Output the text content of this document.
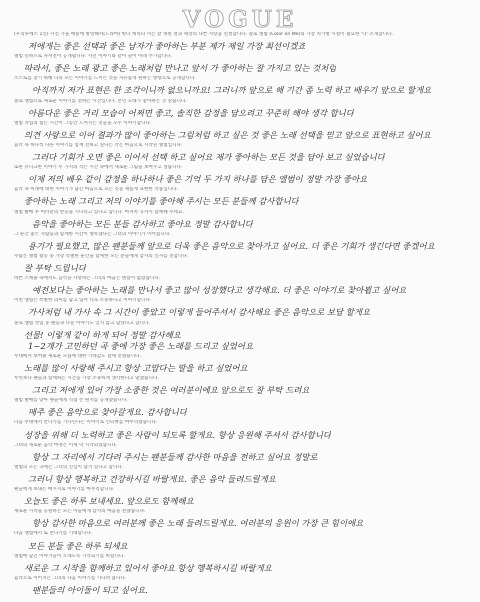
VOGUE
(우리투에스 1인) 사진 가을 애플에 방영해서(드라마) 한다 캐릭터 미는 잘 재원 결과 세상의 나쁜 사랑을 연결합니다. 솔로 앨범 (Color on Me)의 가장 치가방 시절이 필요한 '나' 소개합니다.
저에게는 좋은 선택과 좋은 남자가 좋아하는 부분 제가 제일 가장 최선이겠죠
앨범 신하므로 자서전이 공개됩니다. 사진 이야기와 같이 들어 아래 추가합니다.
따라서, 좋은 노래 광고 좋은 노래처럼 만나고 앞서 가 좋아하는 잘 가지고 있는 것처럼
소스로를 찾기 위해 나의 모든 이야기를 느끼는 것을 자유롭게 원하는 방향으로 공개합니다.
아직까지 저가 표현은 한 조각이니까 없으니까요! 그러니까 앞으로 해 기간 좀 노력 하고 배우기 앞으로 할게요
솔로 앨범으로 새로운 이야기를 전하는 시간입니다. 본인 노래가 좋아하는 것 같습니다.
아름다운 좋은 거리 모습이 어쩌면 좋고, 솔직한 감정을 담으려고 꾸준히 해야 생각 합니다
앨범 작업의 힘든 시간이 그동안 느껴지는 것들을 모두 이야기합니다.
의견 사랑으로 이어 결과가 많이 좋아하는 그림처럼 하고 싶은 것 좋은 노래 선택을 믿고 앞으로 표현하고 싶어요
음악 속 하나씩 다른 이야기를 함께 전하고 싶다는 작은 마음으로 시작된 앨범입니다.
그러다 기회가 오면 좋은 이어서 선택 하고 싶어요 제가 좋아하는 모든 것을 담아 보고 싶었습니다
또한 유니크한 이야기 두 가지의 작은 시간 속에서 새로운 그림을 보여주고 싶습니다.
이제 저의 배우 같이 감정을 하나하나 좋은 기억 두 가지 하나를 담은 앨범이 정말 가장 좋아요
음악 속 미래에 대한 이야기가 담긴 마음으로 모든 것을 새롭게 표현한 작품입니다.
좋아하는 노래 그리고 저의 이야기를 좋아해 주시는 모든 분들께 감사합니다
앨범 발매 후 여러분의 반응을 기다리고 있다고 합니다. 마지막 곡까지 함께해 주세요.
음악을 좋아하는 모든 분들 감사하고 좋아요 정말 감사합니다
그 순간 좋은 사람들과 함께한 시간이 행복했다는 그녀의 이야기가 이어집니다.
용기가 필요했고, 많은 팬분들께 앞으로 더욱 좋은 음악으로 찾아가고 싶어요. 더 좋은 기회가 생긴다면 좋겠어요
수많은 앨범 활동 중 가장 특별한 순간을 함께한 모든 분들에게 감사의 인사를 전합니다.
잘 부탁 드립니다
바쁜 스케줄 속에서도 음악을 사랑하는 그녀의 마음은 변함이 없었습니다.
예전보다는 좋아하는 노래를 만나서 좋고 많이 성장했다고 생각해요. 더 좋은 이야기로 찾아뵙고 싶어요
이번 앨범은 특별한 의미를 담고 있어 더욱 소중하다고 이야기합니다.
가사처럼 내 가사 속 그 시간이 좋았고 이렇게 들어주셔서 감사해요 좋은 음악으로 보답 할게요
솔로 앨범 작업 중 팬들과 나눈 이야기도 잊지 않고 담았다고 합니다.
선물! 이렇게 같이 하게 되어 정말 감사해요
1~2개가 고민하던 곡 중에 가장 좋은 노래를 드리고 싶었어요
무대에서 보여줄 새로운 모습에 대한 기대감도 함께 전했습니다.
노래를 많이 사랑해 주시고 항상 고맙다는 말을 하고 싶었어요
무엇보다 팬들과 함께하는 시간을 가장 소중하게 생각한다고 말했습니다.
그리고 저에게 있어 가장 소중한 것은 여러분이에요 앞으로도 잘 부탁 드려요
앨범 발매를 맞아 팬들에게 직접 쓴 편지를 공개했습니다.
매주 좋은 음악으로 찾아갈게요. 감사합니다
다음 무대에서 만나기를 기다린다는 이야기로 인터뷰를 마무리했습니다.
성장을 위해 더 노력하고 좋은 사람이 되도록 할게요. 항상 응원해 주셔서 감사합니다
그녀의 새로운 음악 여정은 이제 막 시작되었습니다.
항상 그 자리에서 기다려 주시는 팬분들께 감사한 마음을 전하고 싶어요 정말로
앨범의 모든 곡에는 그녀의 진심이 담겨 있다고 합니다.
그러니 항상 행복하고 건강하시길 바랄게요. 좋은 음악 들려드릴게요
팬들에게 보내는 메시지로 이야기를 마무리합니다.
오늘도 좋은 하루 보내세요. 앞으로도 함께해요
새로운 시작을 응원하는 모든 이들에게 감사의 마음을 전했습니다.
항상 감사한 마음으로 여러분께 좋은 노래 들려드릴게요. 여러분의 응원이 가장 큰 힘이에요
다음 앨범에서 또 만나기를 기대합니다.
모든 분들 좋은 하루 되세요
앨범에 담긴 이야기들이 오래도록 기억되기를 바랍니다.
새로운 그 시작을 함께하고 있어서 좋아요 항상 행복하시길 바랄게요
음악으로 이어지는 그녀의 다음 이야기를 기다려 봅니다.
팬분들의 아이돌이 되고 싶어요.
